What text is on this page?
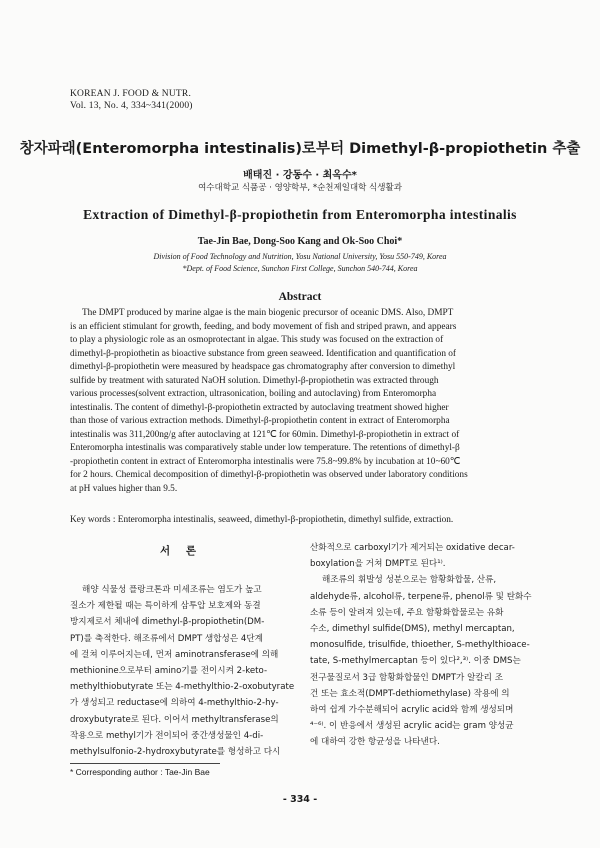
KOREAN J. FOOD & NUTR.
Vol. 13, No. 4, 334~341(2000)
창자파래(Enteromorpha intestinalis)로부터 Dimethyl-β-propiothetin 추출
배태진 · 강동수 · 최옥수*
여수대학교 식품공 · 영양학부, *순천제일대학 식생활과
Extraction of Dimethyl-β-propiothetin from Enteromorpha intestinalis
Tae-Jin Bae, Dong-Soo Kang and Ok-Soo Choi*
Division of Food Technology and Nutrition, Yosu National University, Yosu 550-749, Korea
*Dept. of Food Science, Sunchon First College, Sunchon 540-744, Korea
Abstract
The DMPT produced by marine algae is the main biogenic precursor of oceanic DMS. Also, DMPT
is an efficient stimulant for growth, feeding, and body movement of fish and striped prawn, and appears
to play a physiologic role as an osmoprotectant in algae. This study was focused on the extraction of
dimethyl-β-propiothetin as bioactive substance from green seaweed. Identification and quantification of
dimethyl-β-propiothetin were measured by headspace gas chromatography after conversion to dimethyl
sulfide by treatment with saturated NaOH solution. Dimethyl-β-propiothetin was extracted through
various processes(solvent extraction, ultrasonication, boiling and autoclaving) from Enteromorpha
intestinalis. The content of dimethyl-β-propiothetin extracted by autoclaving treatment showed higher
than those of various extraction methods. Dimethyl-β-propiothetin content in extract of Enteromorpha
intestinalis was 311,200ng/g after autoclaving at 121℃ for 60min. Dimethyl-β-propiothetin in extract of
Enteromorpha intestinalis was comparatively stable under low temperature. The retentions of dimethyl-β
-propiothetin content in extract of Enteromorpha intestinalis were 75.8~99.8% by incubation at 10~60℃
for 2 hours. Chemical decomposition of dimethyl-β-propiothetin was observed under laboratory conditions
at pH values higher than 9.5.
Key words : Enteromorpha intestinalis, seaweed, dimethyl-β-propiothetin, dimethyl sulfide, extraction.
서 론
해양 식물성 플랑크톤과 미세조류는 염도가 높고
질소가 제한될 때는 특이하게 삼투압 보호제와 동결
방지제로서 체내에 dimethyl-β-propiothetin(DM-
PT)를 축적한다. 해조류에서 DMPT 생합성은 4단계
에 걸쳐 이루어지는데, 먼저 aminotransferase에 의해
methionine으로부터 amino기를 전이시켜 2-keto-
methylthiobutyrate 또는 4-methylthio-2-oxobutyrate
가 생성되고 reductase에 의하여 4-methylthio-2-hy-
droxybutyrate로 된다. 이어서 methyltransferase의
작용으로 methyl기가 전이되어 중간생성물인 4-di-
methylsulfonio-2-hydroxybutyrate를 형성하고 다시
산화적으로 carboxyl기가 제거되는 oxidative decar-
boxylation을 거쳐 DMPT로 된다¹⁾.
해조류의 휘발성 성분으로는 함황화합물, 산류,
aldehyde류, alcohol류, terpene류, phenol류 및 탄화수
소류 등이 알려져 있는데, 주요 함황화합물로는 유화
수소, dimethyl sulfide(DMS), methyl mercaptan,
monosulfide, trisulfide, thioether, S-methylthioace-
tate, S-methylmercaptan 등이 있다²,³⁾. 이중 DMS는
전구물질로서 3급 함황화합물인 DMPT가 알칼리 조
건 또는 효소적(DMPT-dethiomethylase) 작용에 의
하여 쉽게 가수분해되어 acrylic acid와 함께 생성되며
⁴⁻⁶⁾. 이 반응에서 생성된 acrylic acid는 gram 양성균
에 대하여 강한 항균성을 나타낸다.
* Corresponding author : Tae-Jin Bae
- 334 -
